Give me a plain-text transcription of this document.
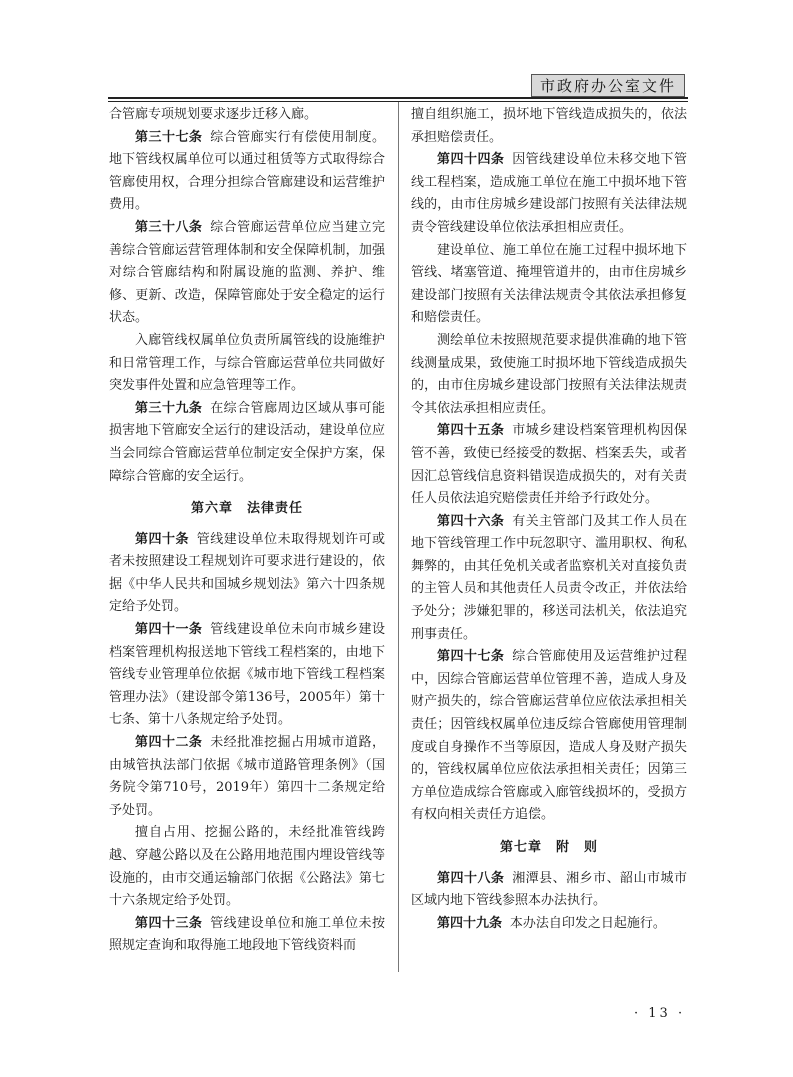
市政府办公室文件

合管廊专项规划要求逐步迁移入廊。

第三十七条 综合管廊实行有偿使用制度。地下管线权属单位可以通过租赁等方式取得综合管廊使用权，合理分担综合管廊建设和运营维护费用。

第三十八条 综合管廊运营单位应当建立完善综合管廊运营管理体制和安全保障机制，加强对综合管廊结构和附属设施的监测、养护、维修、更新、改造，保障管廊处于安全稳定的运行状态。

入廊管线权属单位负责所属管线的设施维护和日常管理工作，与综合管廊运营单位共同做好突发事件处置和应急管理等工作。

第三十九条 在综合管廊周边区域从事可能损害地下管廊安全运行的建设活动，建设单位应当会同综合管廊运营单位制定安全保护方案，保障综合管廊的安全运行。

第六章　法律责任

第四十条 管线建设单位未取得规划许可或者未按照建设工程规划许可要求进行建设的，依据《中华人民共和国城乡规划法》第六十四条规定给予处罚。

第四十一条 管线建设单位未向市城乡建设档案管理机构报送地下管线工程档案的，由地下管线专业管理单位依据《城市地下管线工程档案管理办法》（建设部令第136号，2005年）第十七条、第十八条规定给予处罚。

第四十二条 未经批准挖掘占用城市道路，由城管执法部门依据《城市道路管理条例》（国务院令第710号，2019年）第四十二条规定给予处罚。

擅自占用、挖掘公路的，未经批准管线跨越、穿越公路以及在公路用地范围内埋设管线等设施的，由市交通运输部门依据《公路法》第七十六条规定给予处罚。

第四十三条 管线建设单位和施工单位未按照规定查询和取得施工地段地下管线资料而

擅自组织施工，损坏地下管线造成损失的，依法承担赔偿责任。

第四十四条 因管线建设单位未移交地下管线工程档案，造成施工单位在施工中损坏地下管线的，由市住房城乡建设部门按照有关法律法规责令管线建设单位依法承担相应责任。

建设单位、施工单位在施工过程中损坏地下管线、堵塞管道、掩埋管道井的，由市住房城乡建设部门按照有关法律法规责令其依法承担修复和赔偿责任。

测绘单位未按照规范要求提供准确的地下管线测量成果，致使施工时损坏地下管线造成损失的，由市住房城乡建设部门按照有关法律法规责令其依法承担相应责任。

第四十五条 市城乡建设档案管理机构因保管不善，致使已经接受的数据、档案丢失，或者因汇总管线信息资料错误造成损失的，对有关责任人员依法追究赔偿责任并给予行政处分。

第四十六条 有关主管部门及其工作人员在地下管线管理工作中玩忽职守、滥用职权、徇私舞弊的，由其任免机关或者监察机关对直接负责的主管人员和其他责任人员责令改正，并依法给予处分；涉嫌犯罪的，移送司法机关，依法追究刑事责任。

第四十七条 综合管廊使用及运营维护过程中，因综合管廊运营单位管理不善，造成人身及财产损失的，综合管廊运营单位应依法承担相关责任；因管线权属单位违反综合管廊使用管理制度或自身操作不当等原因，造成人身及财产损失的，管线权属单位应依法承担相关责任；因第三方单位造成综合管廊或入廊管线损坏的，受损方有权向相关责任方追偿。

第七章　附　则

第四十八条 湘潭县、湘乡市、韶山市城市区域内地下管线参照本办法执行。

第四十九条 本办法自印发之日起施行。

· 13 ·
